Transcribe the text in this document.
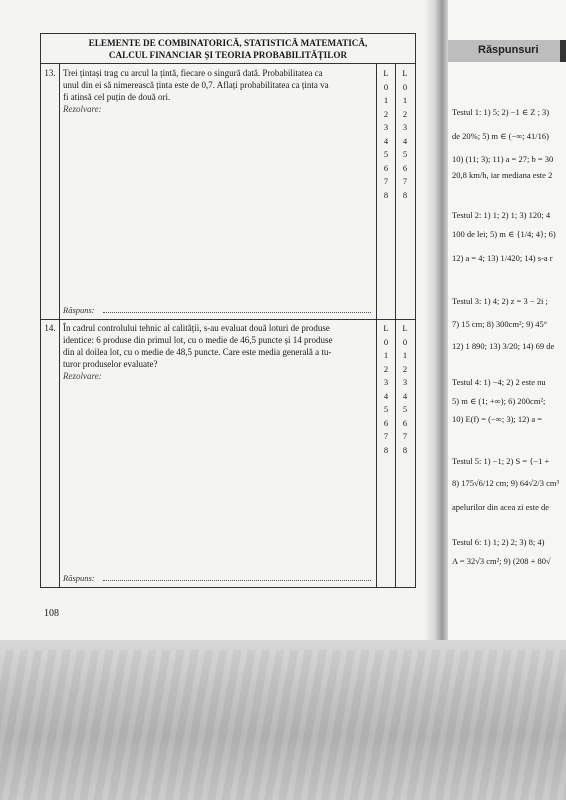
ELEMENTE DE COMBINATORICĂ, STATISTICĂ MATEMATICĂ,
CALCUL FINANCIAR ȘI TEORIA PROBABILITĂȚILOR
13. Trei țintași trag cu arcul la țintă, fiecare o singură dată. Probabilitatea ca
unul din ei să nimerească ținta este de 0,7. Aflați probabilitatea ca ținta va
fi atinsă cel puțin de două ori.
Rezolvare:
Răspuns:
L
0
1
2
3
4
5
6
7
8
L
0
1
2
3
4
5
6
7
8
14. În cadrul controlului tehnic al calității, s-au evaluat două loturi de produse
identice: 6 produse din primul lot, cu o medie de 46,5 puncte și 14 produse
din al doilea lot, cu o medie de 48,5 puncte. Care este media generală a tu-
turor produselor evaluate?
Rezolvare:
Răspuns:
L
0
1
2
3
4
5
6
7
8
L
0
1
2
3
4
5
6
7
8
108
Răspunsuri
Testul 1: 1) 5; 2) −1 ∈ Z ; 3)
de 20%; 5) m ∈ (−∞; 41/16)
10) (11; 3); 11) a = 27; b = 30
20,8 km/h, iar mediana este 2
Testul 2: 1) 1; 2) 1; 3) 120; 4
100 de lei; 5) m ∈ {1/4; 4}; 6)
12) a = 4; 13) 1/420; 14) s-a r
Testul 3: 1) 4; 2) z = 3 − 2i ;
7) 15 cm; 8) 300cm²; 9) 45°
12) 1 890; 13) 3/20; 14) 69 de
Testul 4: 1) −4; 2) 2 este nu
5) m ∈ (1; +∞); 6) 200cm²;
10) E(f) = (−∞; 3); 12) a =
Testul 5: 1) −1; 2) S = {−1 +
8) 175√6/12 cm; 9) 64√2/3 cm³
apelurilor din acea zi este de
Testul 6: 1) 1; 2) 2; 3) 8; 4)
A = 32√3 cm²; 9) (208 + 80√
